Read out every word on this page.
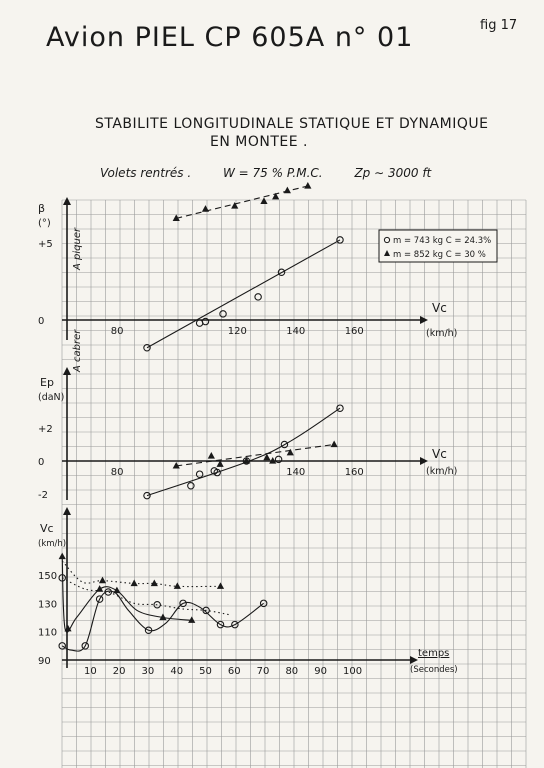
Avion PIEL CP 605A n° 01	fig 17
STABILITE LONGITUDINALE STATIQUE ET DYNAMIQUE
EN MONTEE .
Volets rentrés .	W = 75 % P.M.C.	Zp ∼ 3000 ft
80	120	140	160
+5
0
80	140	160
+2
0
-2
10 20 30 40 50 60 70 80 90 100
150
130
110
90
β
(°)
A piquer
A cabrer
Vc
(km/h)
m = 743 kg C = 24.3%
m = 852 kg C = 30 %
Ep
(daN)
Vc
(km/h)
Vc
(km/h)
temps
(Secondes)
